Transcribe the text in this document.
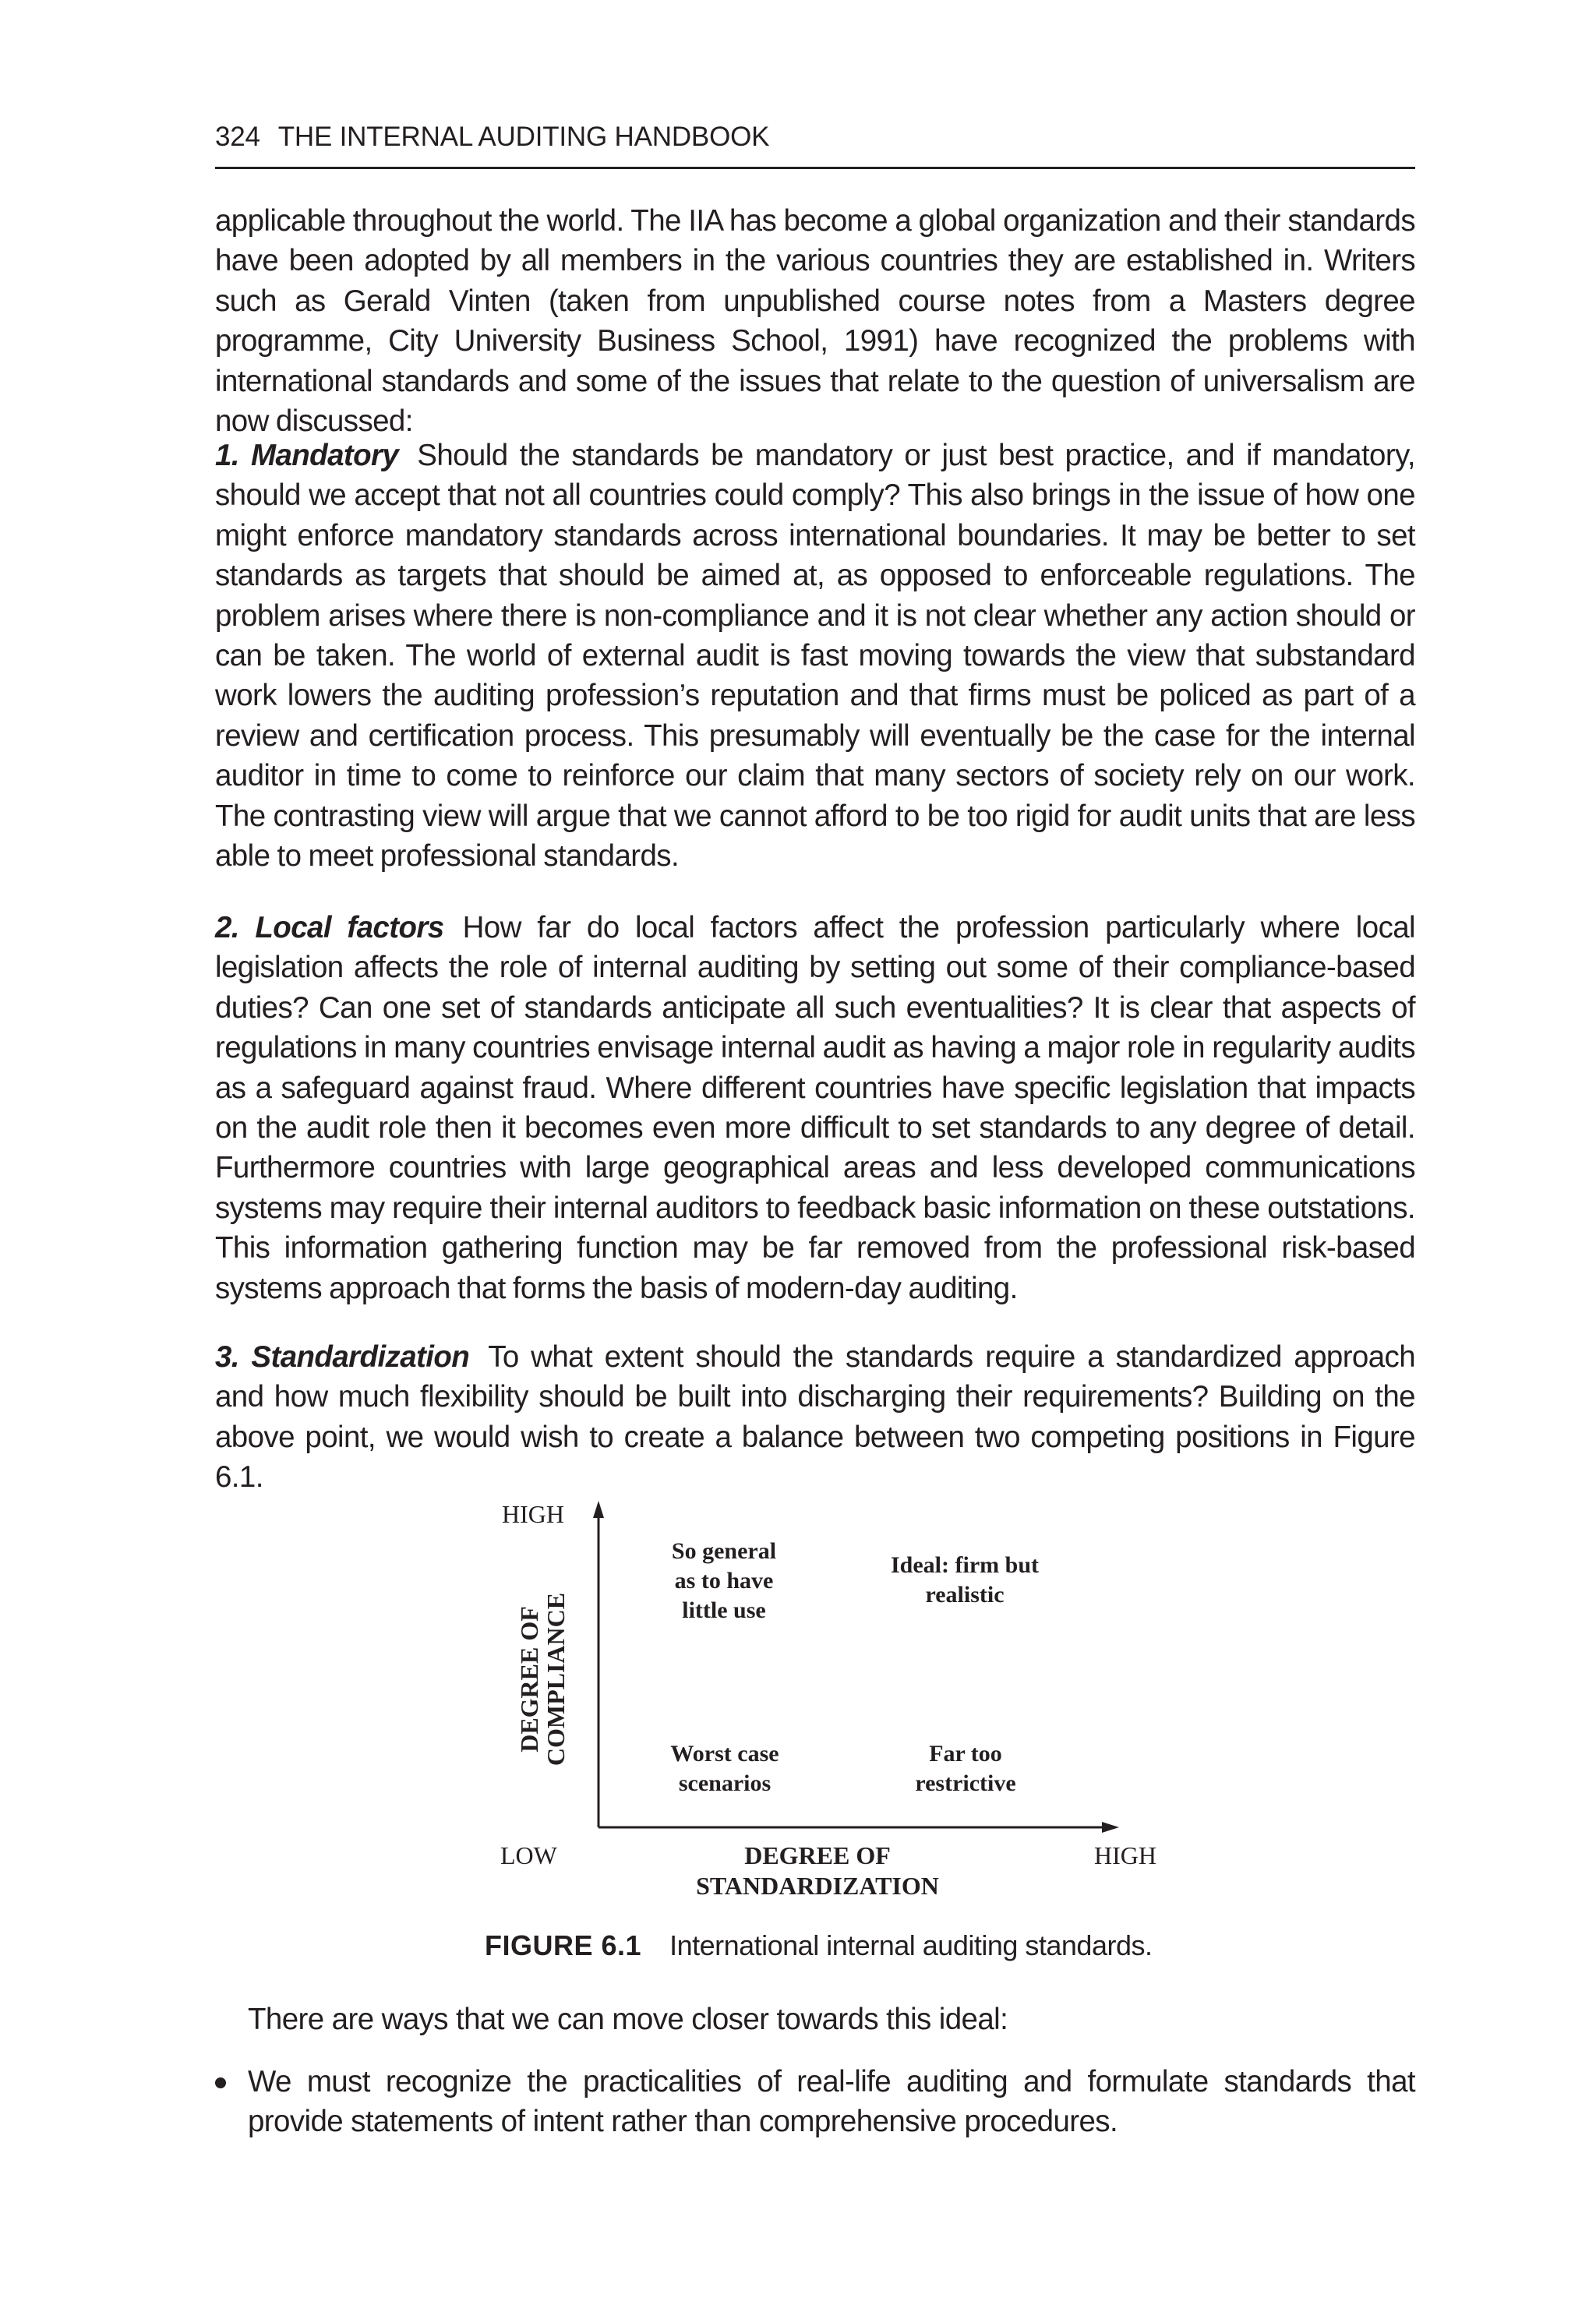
324 THE INTERNAL AUDITING HANDBOOK

applicable throughout the world. The IIA has become a global organization and their standards have been adopted by all members in the various countries they are established in. Writers such as Gerald Vinten (taken from unpublished course notes from a Masters degree programme, City University Business School, 1991) have recognized the problems with international standards and some of the issues that relate to the question of universalism are now discussed:

1. Mandatory Should the standards be mandatory or just best practice, and if mandatory, should we accept that not all countries could comply? This also brings in the issue of how one might enforce mandatory standards across international boundaries. It may be better to set standards as targets that should be aimed at, as opposed to enforceable regulations. The problem arises where there is non-compliance and it is not clear whether any action should or can be taken. The world of external audit is fast moving towards the view that substandard work lowers the auditing profession’s reputation and that firms must be policed as part of a review and certification process. This presumably will eventually be the case for the internal auditor in time to come to reinforce our claim that many sectors of society rely on our work. The contrasting view will argue that we cannot afford to be too rigid for audit units that are less able to meet professional standards.

2. Local factors How far do local factors affect the profession particularly where local legislation affects the role of internal auditing by setting out some of their compliance-based duties? Can one set of standards anticipate all such eventualities? It is clear that aspects of regulations in many countries envisage internal audit as having a major role in regularity audits as a safeguard against fraud. Where different countries have specific legislation that impacts on the audit role then it becomes even more difficult to set standards to any degree of detail. Furthermore countries with large geographical areas and less developed communications systems may require their internal auditors to feedback basic information on these outstations. This information gathering function may be far removed from the professional risk-based systems approach that forms the basis of modern-day auditing.

3. Standardization To what extent should the standards require a standardized approach and how much flexibility should be built into discharging their requirements? Building on the above point, we would wish to create a balance between two competing positions in Figure 6.1.

HIGH
DEGREE OF
COMPLIANCE
So general
as to have
little use
Ideal: firm but
realistic
Worst case
scenarios
Far too
restrictive
LOW	HIGH
DEGREE OF
STANDARDIZATION
FIGURE 6.1 International internal auditing standards.
There are ways that we can move closer towards this ideal:
We must recognize the practicalities of real-life auditing and formulate standards that provide statements of intent rather than comprehensive procedures.
